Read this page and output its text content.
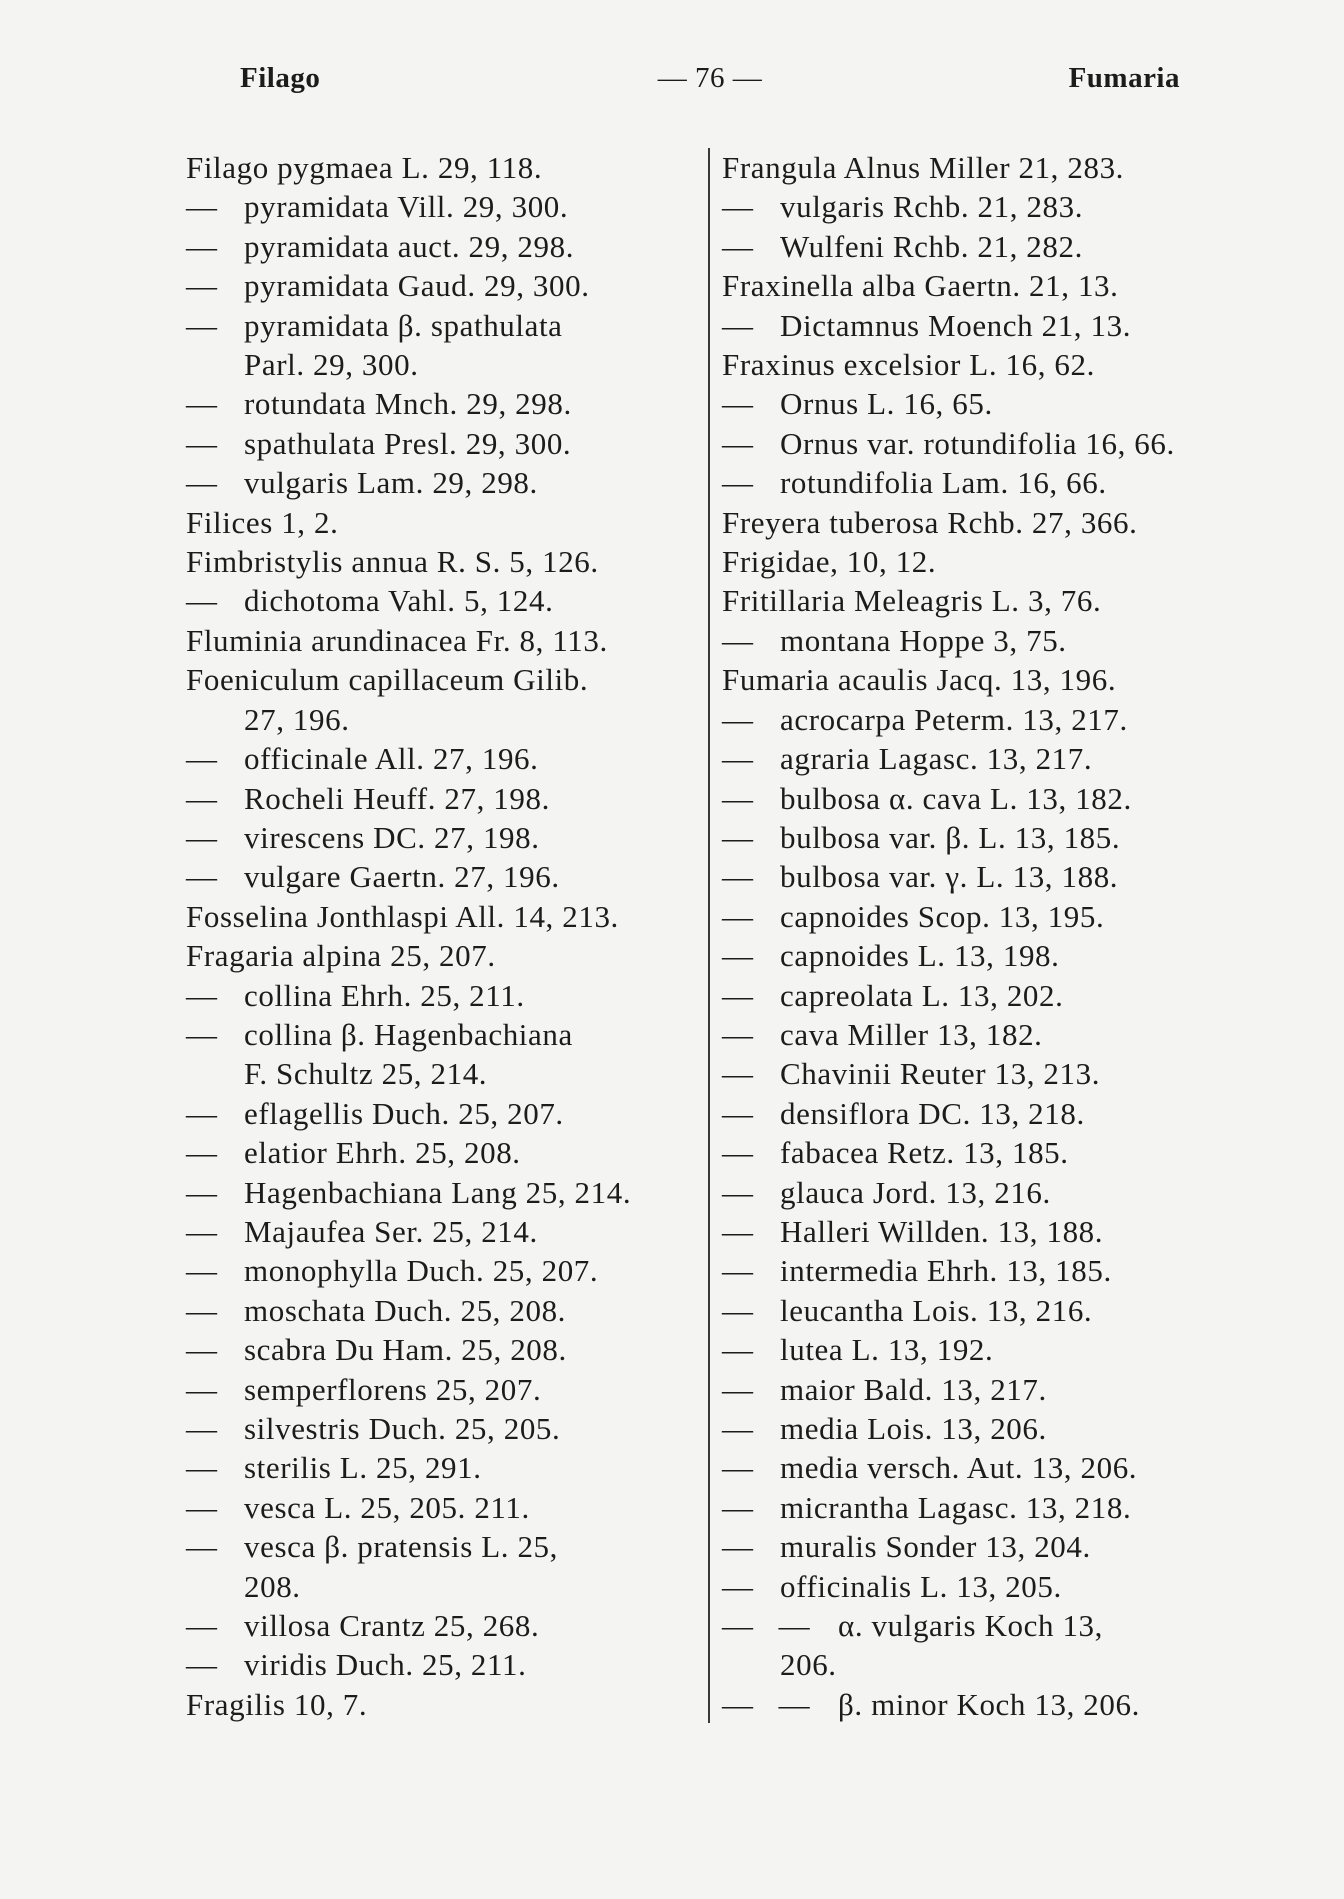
Filago	— 76 —	Fumaria
Filago pygmaea L. 29, 118.
— pyramidata Vill. 29, 300.
— pyramidata auct. 29, 298.
— pyramidata Gaud. 29, 300.
— pyramidata β. spathulata
Parl. 29, 300.
— rotundata Mnch. 29, 298.
— spathulata Presl. 29, 300.
— vulgaris Lam. 29, 298.
Filices 1, 2.
Fimbristylis annua R. S. 5, 126.
— dichotoma Vahl. 5, 124.
Fluminia arundinacea Fr. 8, 113.
Foeniculum capillaceum Gilib.
27, 196.
— officinale All. 27, 196.
— Rocheli Heuff. 27, 198.
— virescens DC. 27, 198.
— vulgare Gaertn. 27, 196.
Fosselina Jonthlaspi All. 14, 213.
Fragaria alpina 25, 207.
— collina Ehrh. 25, 211.
— collina β. Hagenbachiana
F. Schultz 25, 214.
— eflagellis Duch. 25, 207.
— elatior Ehrh. 25, 208.
— Hagenbachiana Lang 25, 214.
— Majaufea Ser. 25, 214.
— monophylla Duch. 25, 207.
— moschata Duch. 25, 208.
— scabra Du Ham. 25, 208.
— semperflorens 25, 207.
— silvestris Duch. 25, 205.
— sterilis L. 25, 291.
— vesca L. 25, 205. 211.
— vesca β. pratensis L. 25,
208.
— villosa Crantz 25, 268.
— viridis Duch. 25, 211.
Fragilis 10, 7.
Frangula Alnus Miller 21, 283.
— vulgaris Rchb. 21, 283.
— Wulfeni Rchb. 21, 282.
Fraxinella alba Gaertn. 21, 13.
— Dictamnus Moench 21, 13.
Fraxinus excelsior L. 16, 62.
— Ornus L. 16, 65.
— Ornus var. rotundifolia 16, 66.
— rotundifolia Lam. 16, 66.
Freyera tuberosa Rchb. 27, 366.
Frigidae, 10, 12.
Fritillaria Meleagris L. 3, 76.
— montana Hoppe 3, 75.
Fumaria acaulis Jacq. 13, 196.
— acrocarpa Peterm. 13, 217.
— agraria Lagasc. 13, 217.
— bulbosa α. cava L. 13, 182.
— bulbosa var. β. L. 13, 185.
— bulbosa var. γ. L. 13, 188.
— capnoides Scop. 13, 195.
— capnoides L. 13, 198.
— capreolata L. 13, 202.
— cava Miller 13, 182.
— Chavinii Reuter 13, 213.
— densiflora DC. 13, 218.
— fabacea Retz. 13, 185.
— glauca Jord. 13, 216.
— Halleri Willden. 13, 188.
— intermedia Ehrh. 13, 185.
— leucantha Lois. 13, 216.
— lutea L. 13, 192.
— maior Bald. 13, 217.
— media Lois. 13, 206.
— media versch. Aut. 13, 206.
— micrantha Lagasc. 13, 218.
— muralis Sonder 13, 204.
— officinalis L. 13, 205.
—   — α. vulgaris Koch 13,
206.
—   — β. minor Koch 13, 206.
